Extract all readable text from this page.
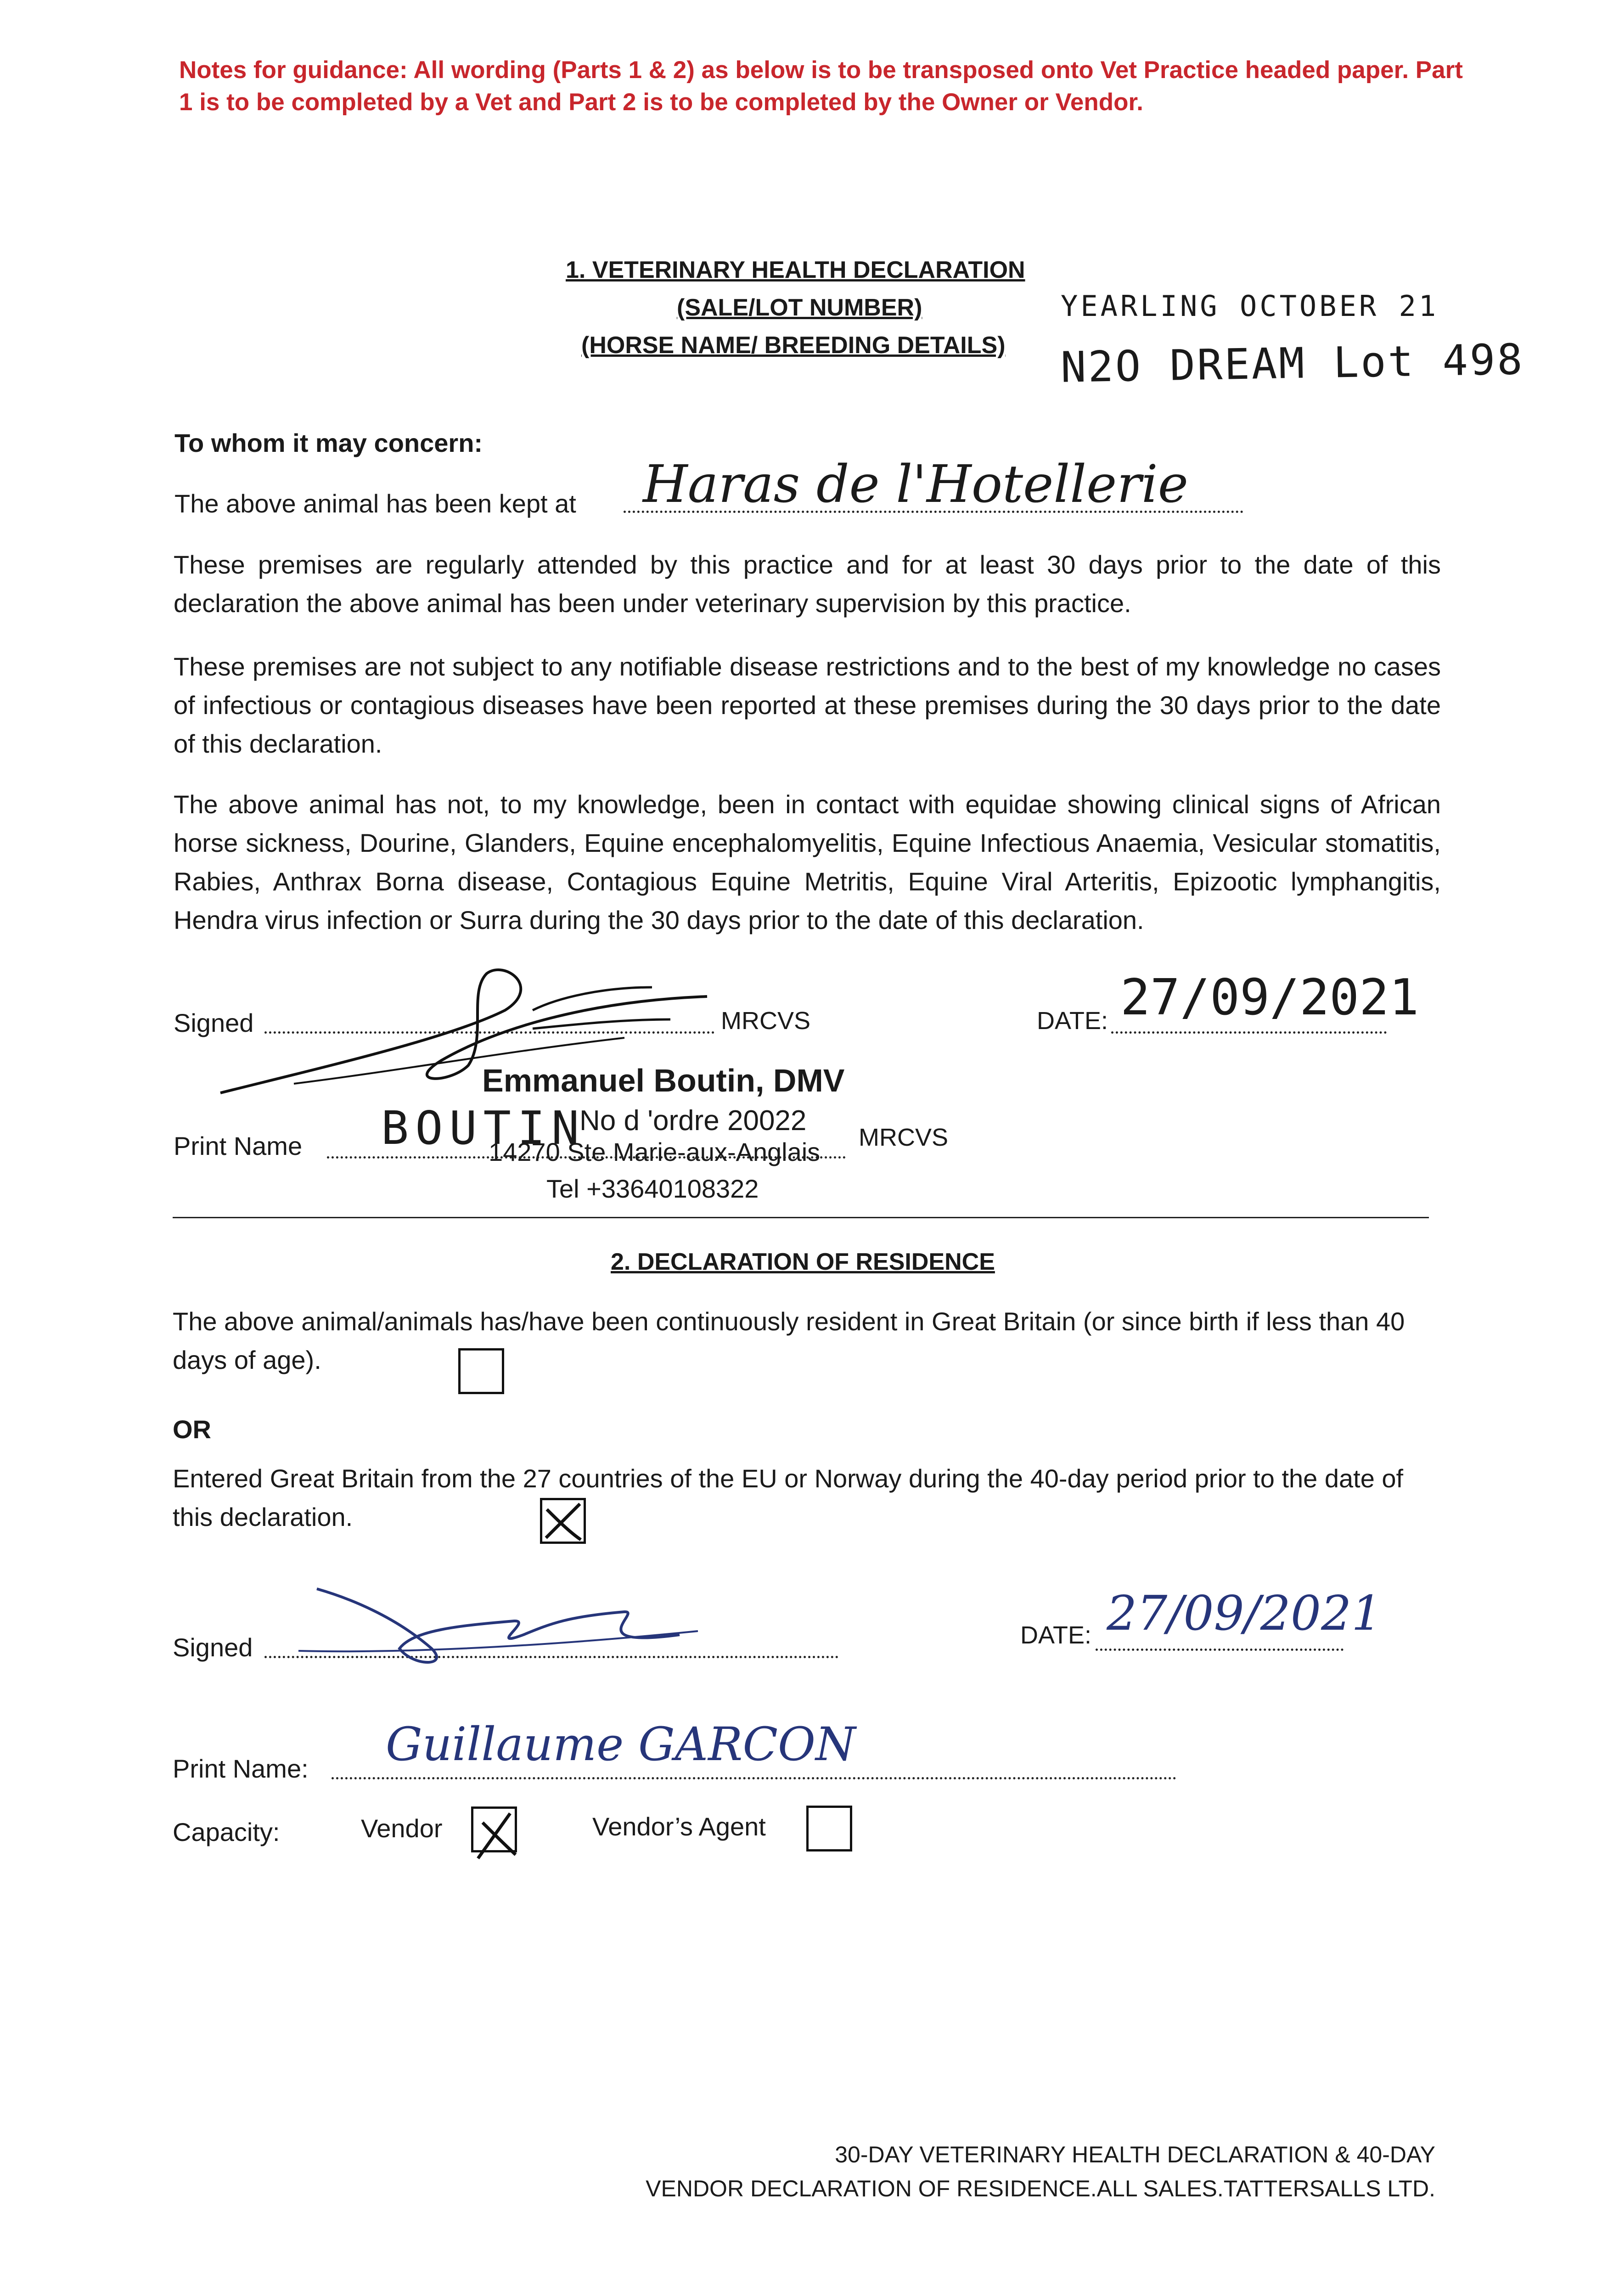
Notes for guidance: All wording (Parts 1 & 2) as below is to be transposed onto Vet Practice headed paper. Part 1 is to be completed by a Vet and Part 2 is to be completed by the Owner or Vendor.
1. VETERINARY HEALTH DECLARATION
(SALE/LOT NUMBER)
(HORSE NAME/ BREEDING DETAILS)
YEARLING OCTOBER 21
N2O DREAM Lot 498
To whom it may concern:
The above animal has been kept at Haras de l'Hotellerie
These premises are regularly attended by this practice and for at least 30 days prior to the date of this declaration the above animal has been under veterinary supervision by this practice.
These premises are not subject to any notifiable disease restrictions and to the best of my knowledge no cases of infectious or contagious diseases have been reported at these premises during the 30 days prior to the date of this declaration.
The above animal has not, to my knowledge, been in contact with equidae showing clinical signs of African horse sickness, Dourine, Glanders, Equine encephalomyelitis, Equine Infectious Anaemia, Vesicular stomatitis, Rabies, Anthrax Borna disease, Contagious Equine Metritis, Equine Viral Arteritis, Epizootic lymphangitis, Hendra virus infection or Surra during the 30 days prior to the date of this declaration.
Signed	MRCVS	DATE: 27/09/2021
Emmanuel Boutin, DMV
No d 'ordre 20022
14270 Ste Marie-aux-Anglais
Tel +33640108322
Print Name BOUTIN	MRCVS
2. DECLARATION OF RESIDENCE
The above animal/animals has/have been continuously resident in Great Britain (or since birth if less than 40 days of age).
OR
Entered Great Britain from the 27 countries of the EU or Norway during the 40-day period prior to the date of this declaration.
Signed	DATE: 27/09/2021
Print Name: Guillaume GARCON
Capacity:	Vendor	Vendor’s Agent
30-DAY VETERINARY HEALTH DECLARATION & 40-DAY
VENDOR DECLARATION OF RESIDENCE.ALL SALES.TATTERSALLS LTD.
